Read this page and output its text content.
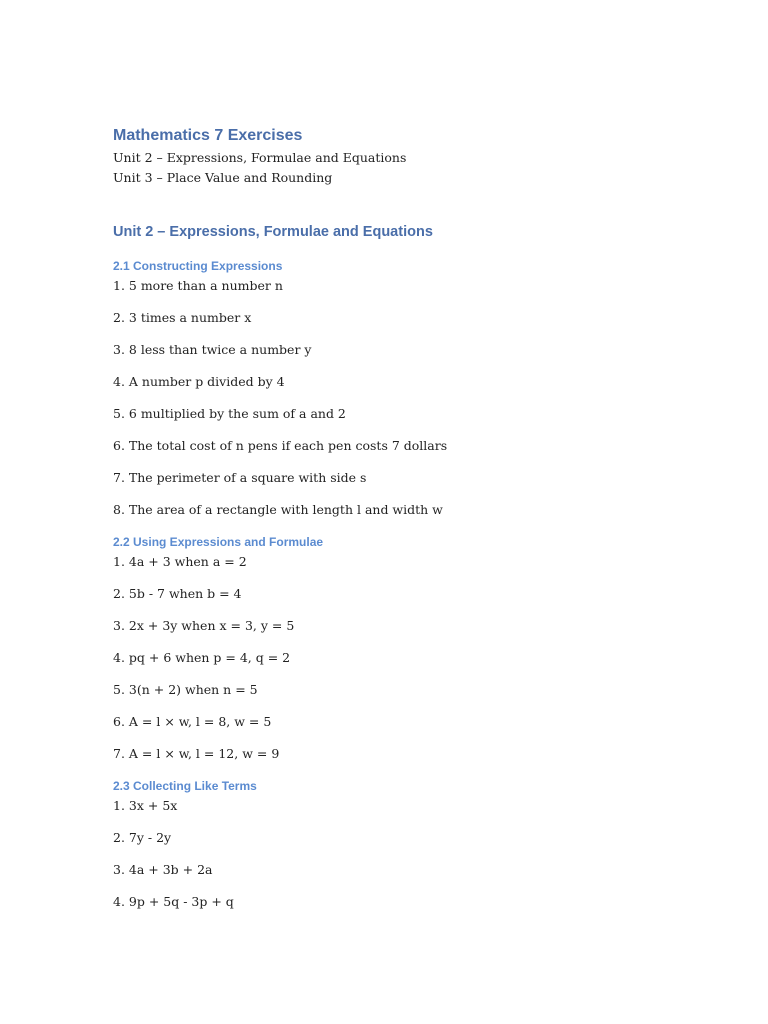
Mathematics 7 Exercises

Unit 2 – Expressions, Formulae and Equations

Unit 3 – Place Value and Rounding

Unit 2 – Expressions, Formulae and Equations
2.1 Constructing Expressions

1. 5 more than a number n

2. 3 times a number x

3. 8 less than twice a number y

4. A number p divided by 4

5. 6 multiplied by the sum of a and 2

6. The total cost of n pens if each pen costs 7 dollars

7. The perimeter of a square with side s

8. The area of a rectangle with length l and width w

2.2 Using Expressions and Formulae

1. 4a + 3 when a = 2

2. 5b - 7 when b = 4

3. 2x + 3y when x = 3, y = 5

4. pq + 6 when p = 4, q = 2

5. 3(n + 2) when n = 5

6. A = l × w, l = 8, w = 5

7. A = l × w, l = 12, w = 9

2.3 Collecting Like Terms

1. 3x + 5x

2. 7y - 2y

3. 4a + 3b + 2a

4. 9p + 5q - 3p + q
